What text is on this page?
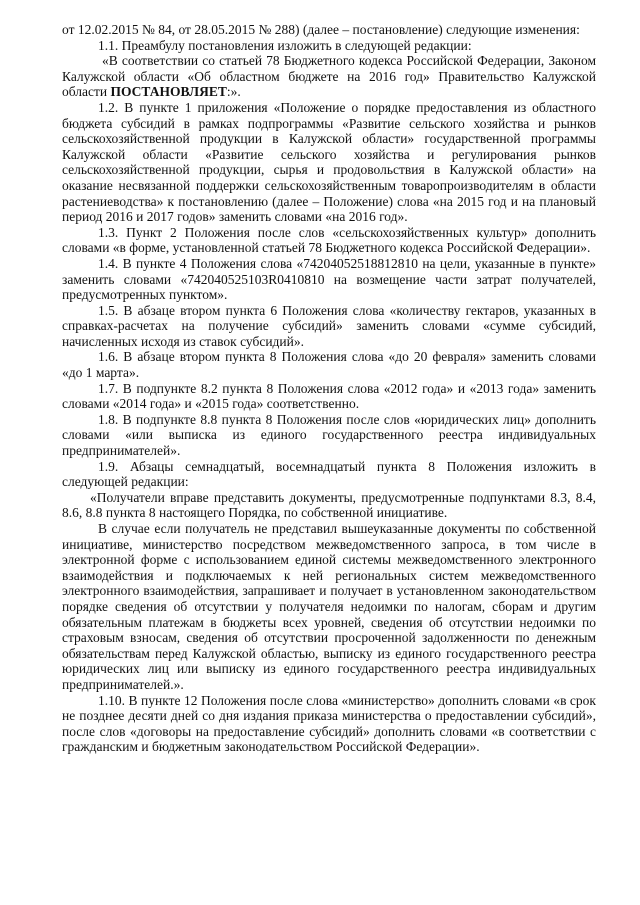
от 12.02.2015 № 84, от 28.05.2015 № 288) (далее – постановление) следующие изменения:

1.1. Преамбулу постановления изложить в следующей редакции:

«В соответствии со статьей 78 Бюджетного кодекса Российской Федерации, Законом Калужской области «Об областном бюджете на 2016 год» Правительство Калужской области ПОСТАНОВЛЯЕТ:».

1.2. В пункте 1 приложения «Положение о порядке предоставления из областного бюджета субсидий в рамках подпрограммы «Развитие сельского хозяйства и рынков сельскохозяйственной продукции в Калужской области» государственной программы Калужской области «Развитие сельского хозяйства и регулирования рынков сельскохозяйственной продукции, сырья и продовольствия в Калужской области» на оказание несвязанной поддержки сельскохозяйственным товаропроизводителям в области растениеводства» к постановлению (далее – Положение) слова «на 2015 год и на плановый период 2016 и 2017 годов» заменить словами «на 2016 год».

1.3. Пункт 2 Положения после слов «сельскохозяйственных культур» дополнить словами «в форме, установленной статьей 78 Бюджетного кодекса Российской Федерации».

1.4. В пункте 4 Положения слова «74204052518812810 на цели, указанные в пункте» заменить словами «742040525103R0410810 на возмещение части затрат получателей, предусмотренных пунктом».

1.5. В абзаце втором пункта 6 Положения слова «количеству гектаров, указанных в справках-расчетах на получение субсидий» заменить словами «сумме субсидий, начисленных исходя из ставок субсидий».

1.6. В абзаце втором пункта 8 Положения слова «до 20 февраля» заменить словами «до 1 марта».

1.7. В подпункте 8.2 пункта 8 Положения слова «2012 года» и «2013 года» заменить словами «2014 года» и «2015 года» соответственно.

1.8. В подпункте 8.8 пункта 8 Положения после слов «юридических лиц» дополнить словами «или выписка из единого государственного реестра индивидуальных предпринимателей».

1.9. Абзацы семнадцатый, восемнадцатый пункта 8 Положения изложить в следующей редакции:

«Получатели вправе представить документы, предусмотренные подпунктами 8.3, 8.4, 8.6, 8.8 пункта 8 настоящего Порядка, по собственной инициативе.

В случае если получатель не представил вышеуказанные документы по собственной инициативе, министерство посредством межведомственного запроса, в том числе в электронной форме с использованием единой системы межведомственного электронного взаимодействия и подключаемых к ней региональных систем межведомственного электронного взаимодействия, запрашивает и получает в установленном законодательством порядке сведения об отсутствии у получателя недоимки по налогам, сборам и другим обязательным платежам в бюджеты всех уровней, сведения об отсутствии недоимки по страховым взносам, сведения об отсутствии просроченной задолженности по денежным обязательствам перед Калужской областью, выписку из единого государственного реестра юридических лиц или выписку из единого государственного реестра индивидуальных предпринимателей.».

1.10. В пункте 12 Положения после слова «министерство» дополнить словами «в срок не позднее десяти дней со дня издания приказа министерства о предоставлении субсидий», после слов «договоры на предоставление субсидий» дополнить словами «в соответствии с гражданским и бюджетным законодательством Российской Федерации».
